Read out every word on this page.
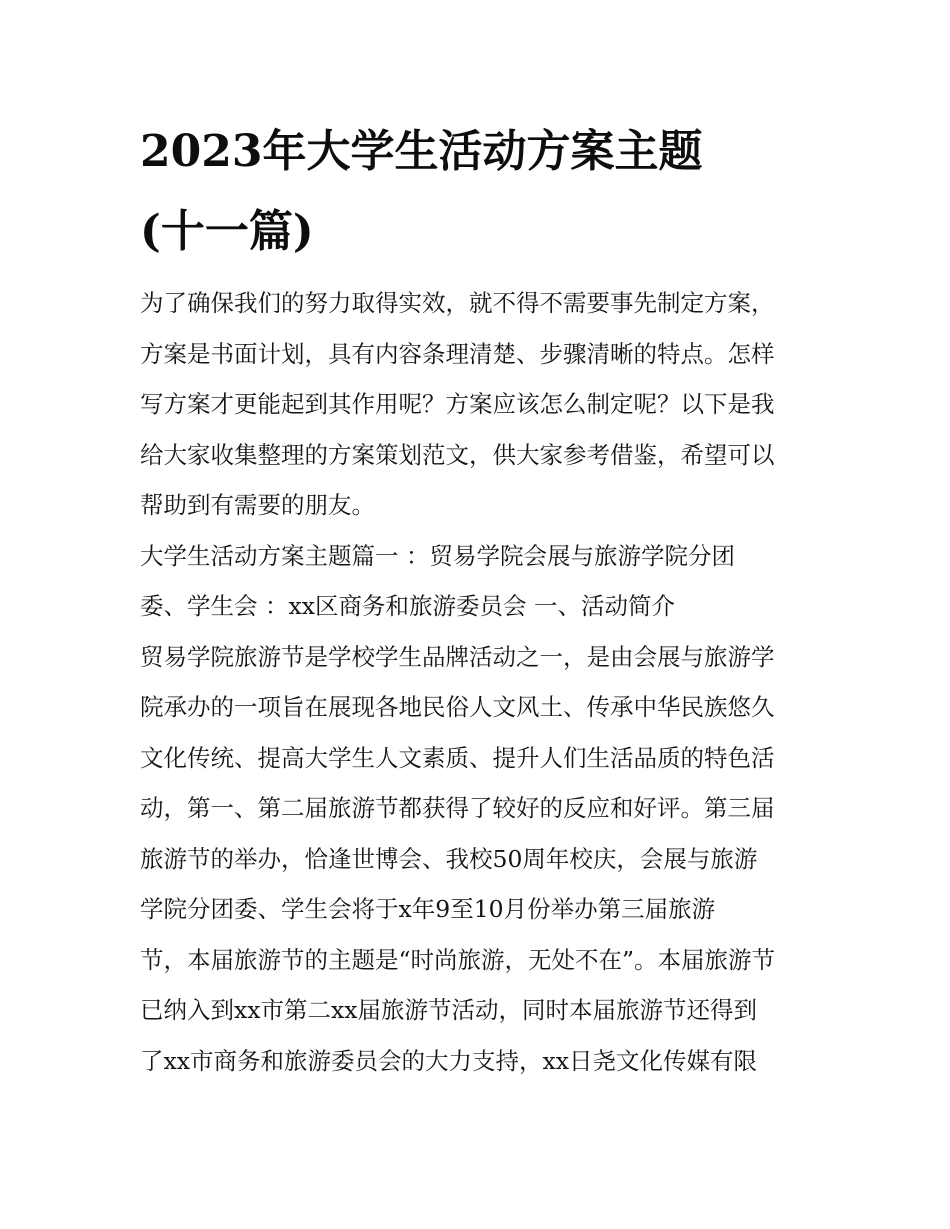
2023年大学生活动方案主题
(十一篇)
为了确保我们的努力取得实效，就不得不需要事先制定方案，
方案是书面计划，具有内容条理清楚、步骤清晰的特点。怎样
写方案才更能起到其作用呢？方案应该怎么制定呢？以下是我
给大家收集整理的方案策划范文，供大家参考借鉴，希望可以
帮助到有需要的朋友。
大学生活动方案主题篇一 ：贸易学院会展与旅游学院分团
委、学生会 ：xx区商务和旅游委员会 一、活动简介
贸易学院旅游节是学校学生品牌活动之一，是由会展与旅游学
院承办的一项旨在展现各地民俗人文风土、传承中华民族悠久
文化传统、提高大学生人文素质、提升人们生活品质的特色活
动，第一、第二届旅游节都获得了较好的反应和好评。第三届
旅游节的举办，恰逢世博会、我校50周年校庆，会展与旅游
学院分团委、学生会将于x年9至10月份举办第三届旅游
节，本届旅游节的主题是“时尚旅游，无处不在”。本届旅游节
已纳入到xx市第二xx届旅游节活动，同时本届旅游节还得到
了xx市商务和旅游委员会的大力支持，xx日尧文化传媒有限
